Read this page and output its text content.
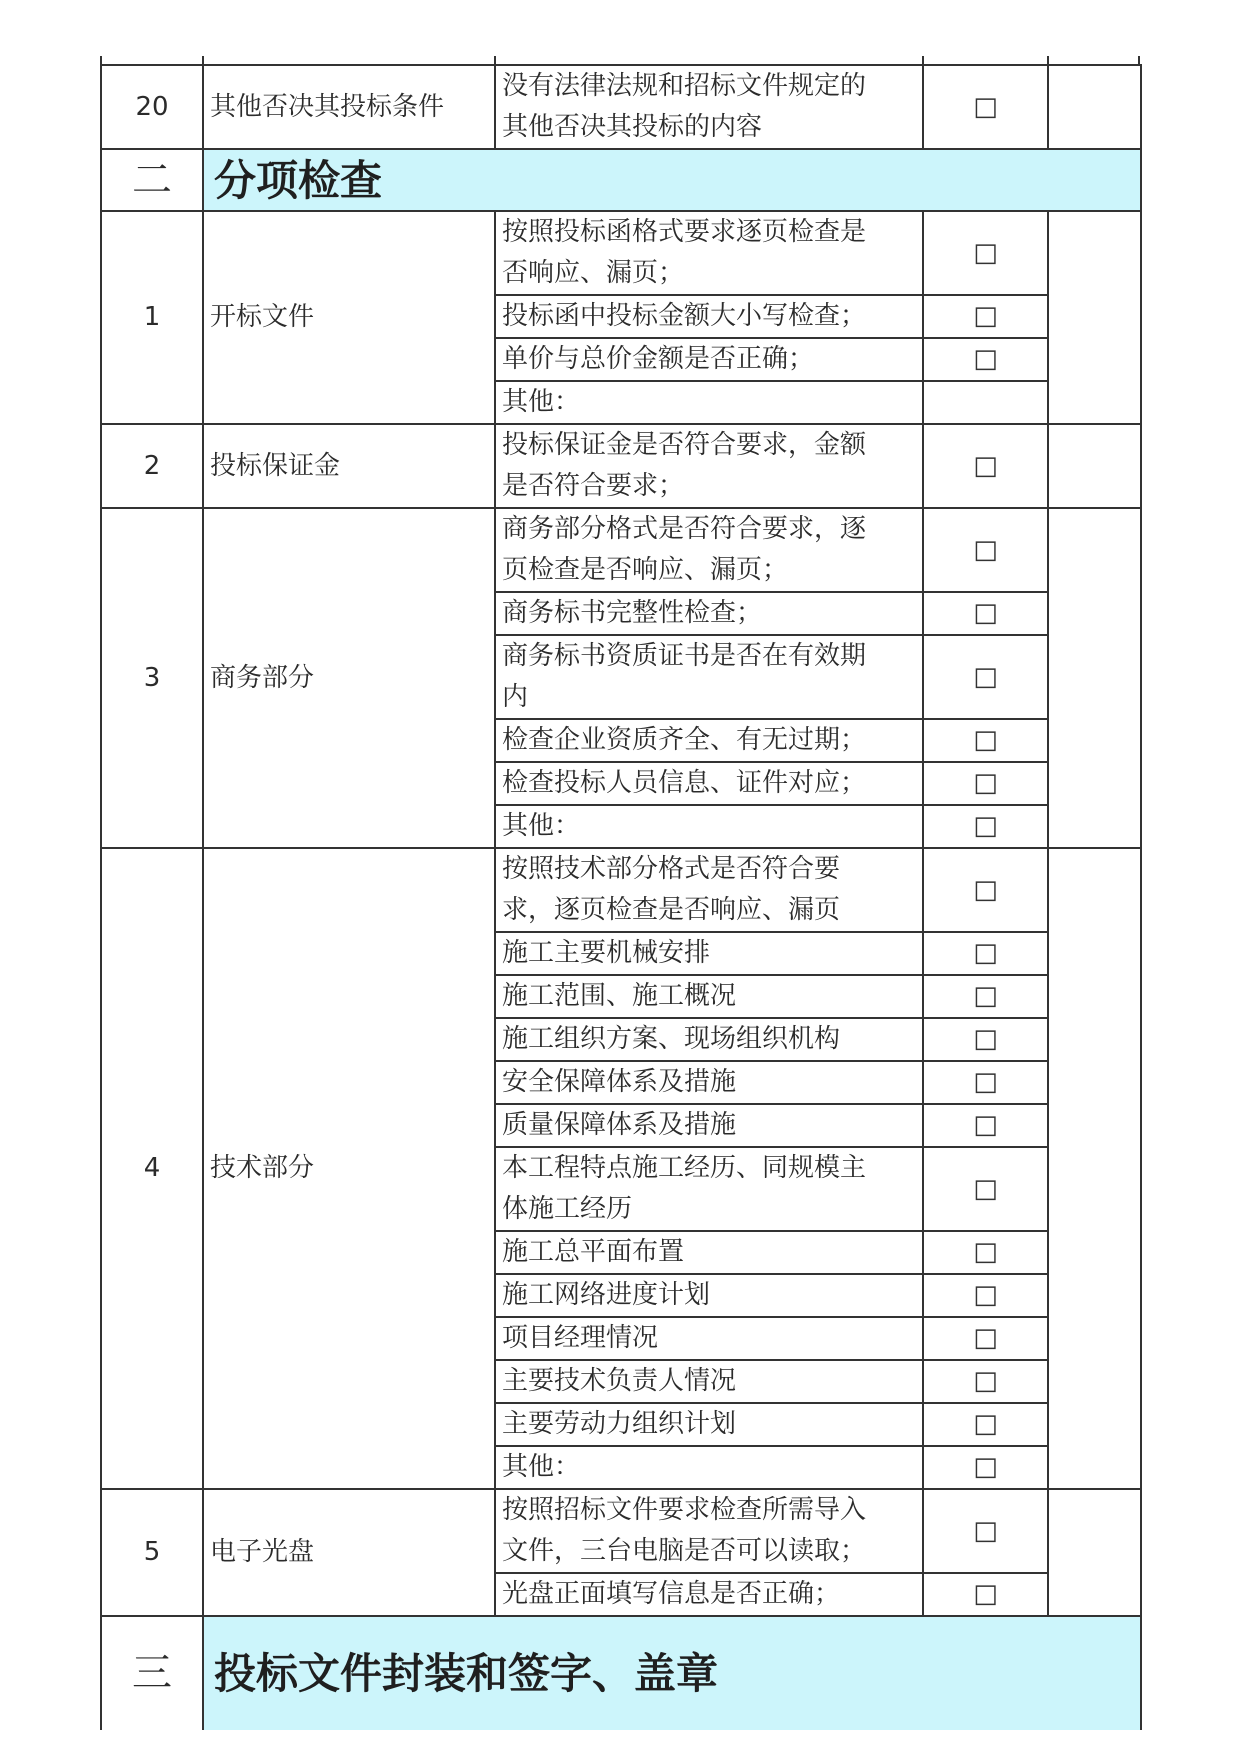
20	其他否决其投标条件	没有法律法规和招标文件规定的
其他否决其投标的内容	□	
二	分项检查			
1	开标文件	按照投标函格式要求逐页检查是
否响应、漏页；	□	

		投标函中投标金额大小写检查；	□	

		单价与总价金额是否正确；	□	

		其他：		

2	投标保证金	投标保证金是否符合要求，金额
是否符合要求；	□	
3	商务部分	商务部分格式是否符合要求，逐
页检查是否响应、漏页；	□	

		商务标书完整性检查；	□	

		商务标书资质证书是否在有效期
内	□	

		检查企业资质齐全、有无过期；	□	

		检查投标人员信息、证件对应；	□	

		其他：	□	
4	技术部分	按照技术部分格式是否符合要
求，逐页检查是否响应、漏页	□	

		施工主要机械安排	□	

		施工范围、施工概况	□	

		施工组织方案、现场组织机构	□	

		安全保障体系及措施	□	

		质量保障体系及措施	□	

		本工程特点施工经历、同规模主
体施工经历	□	

		施工总平面布置	□	

		施工网络进度计划	□	

		项目经理情况	□	

		主要技术负责人情况	□	

		主要劳动力组织计划	□	

		其他：	□	
5	电子光盘	按照招标文件要求检查所需导入
文件，三台电脑是否可以读取；	□	

		光盘正面填写信息是否正确；	□	
三	投标文件封装和签字、盖章
